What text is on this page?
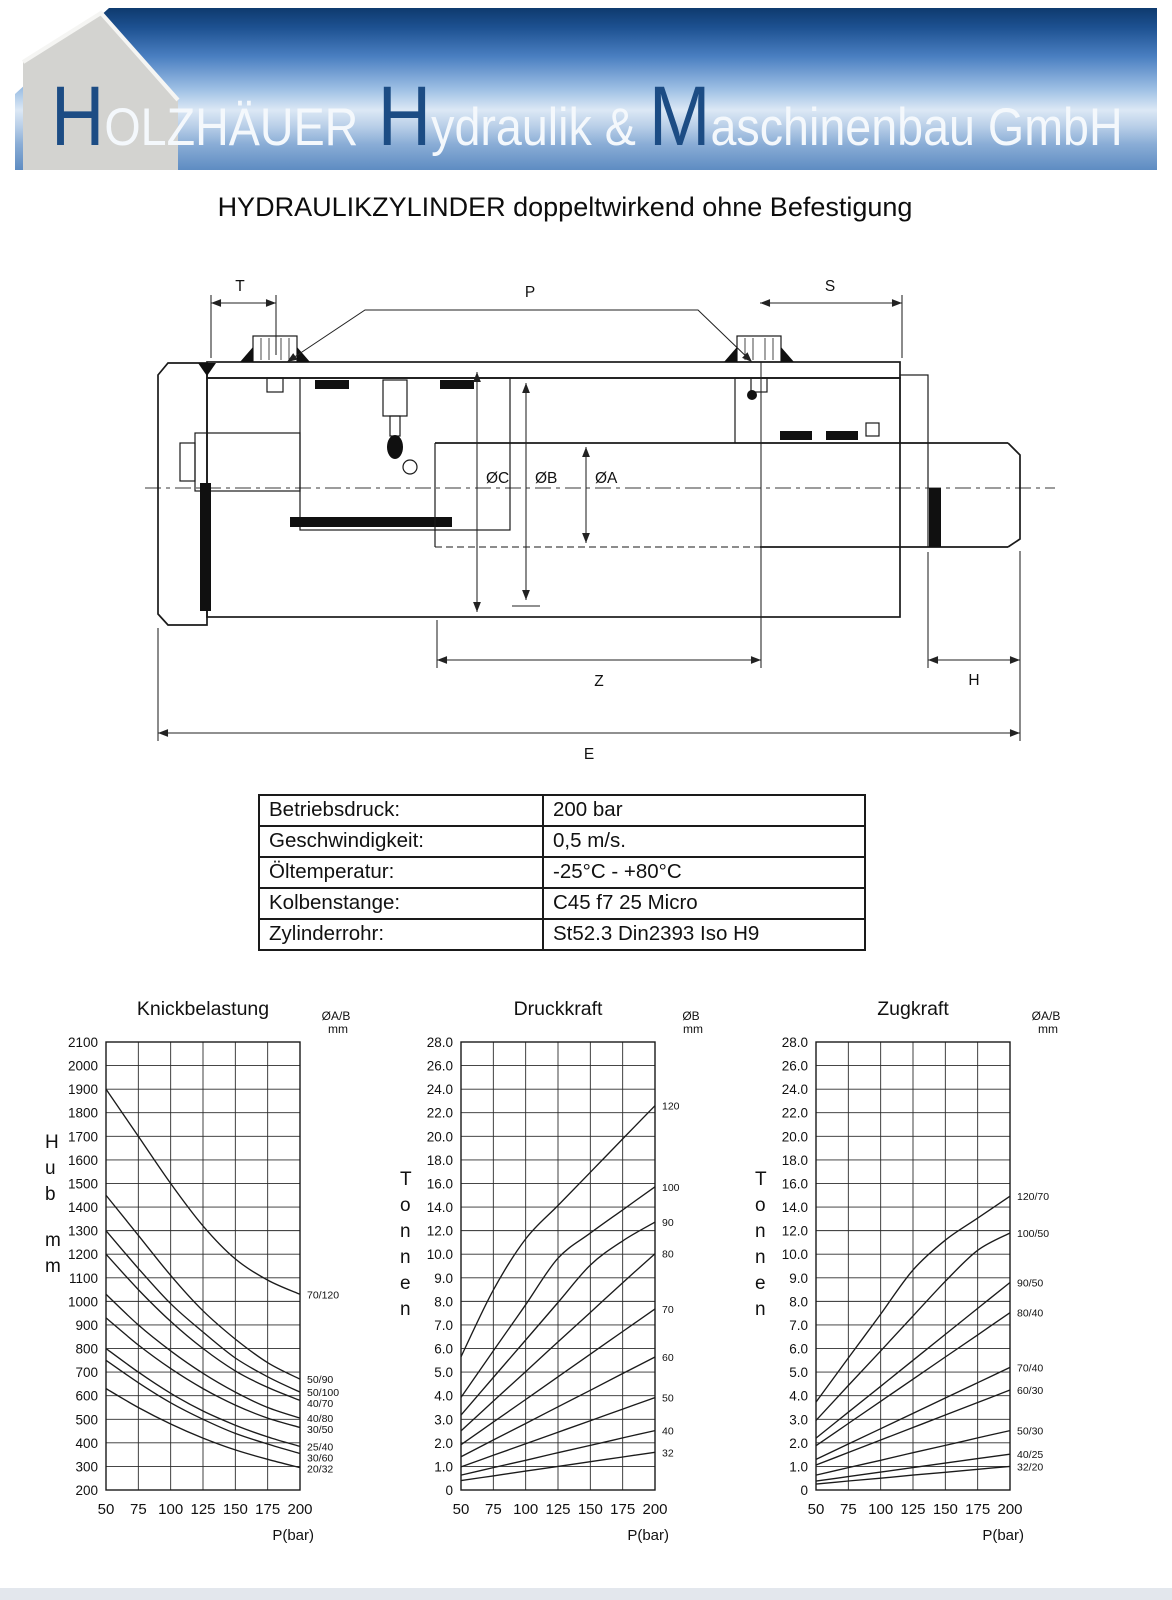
H OLZHÄUER H ydraulik & M aschinenbau GmbH
HYDRAULIKZYLINDER doppeltwirkend ohne Befestigung
T	P	S
ØC ØB ØA
Z	H
E
Betriebsdruck:	200 bar
Geschwindigkeit:	0,5 m/s.
Öltemperatur:	-25°C - +80°C
Kolbenstange:	C45 f7 25 Micro
Zylinderrohr:	St52.3 Din2393 Iso H9
2100
2000
1900
1800
1700
1600
1500
1400
1300
1200
1100
1000
900
800
700
600
500
400
300
200
50 75 100 125 150 175 200
P(bar)
Knickbelastung	ØA/B
mm
H
u
b
m
m
70/120
50/90
50/100
40/70
40/80
30/50
25/40
30/60
20/32
28.0
26.0
24.0
22.0
20.0
18.0
16.0
14.0
12.0
10.0
9.0
8.0
7.0
6.0
5.0
4.0
3.0
2.0
1.0
0
50 75 100 125 150 175 200
P(bar)
Druckkraft	ØB
mm
T
o
n
n
e
n
120
100
90
80
70
60
50
40
32
28.0
26.0
24.0
22.0
20.0
18.0
16.0
14.0
12.0
10.0
9.0
8.0
7.0
6.0
5.0
4.0
3.0
2.0
1.0
0
50 75 100 125 150 175 200
P(bar)
Zugkraft	ØA/B
mm
T
o
n
n
e
n
120/70
100/50
90/50
80/40
70/40
60/30
50/30
40/25
32/20
